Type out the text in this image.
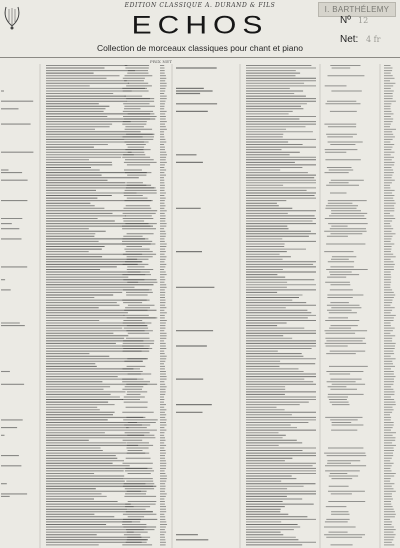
EDITION CLASSIQUE A. DURAND & FILS	I. BARTHÉLEMY
ECHOS
Collection de morceaux classiques pour chant et piano
Nº 12
Net: 4 fr
PRIX NET
